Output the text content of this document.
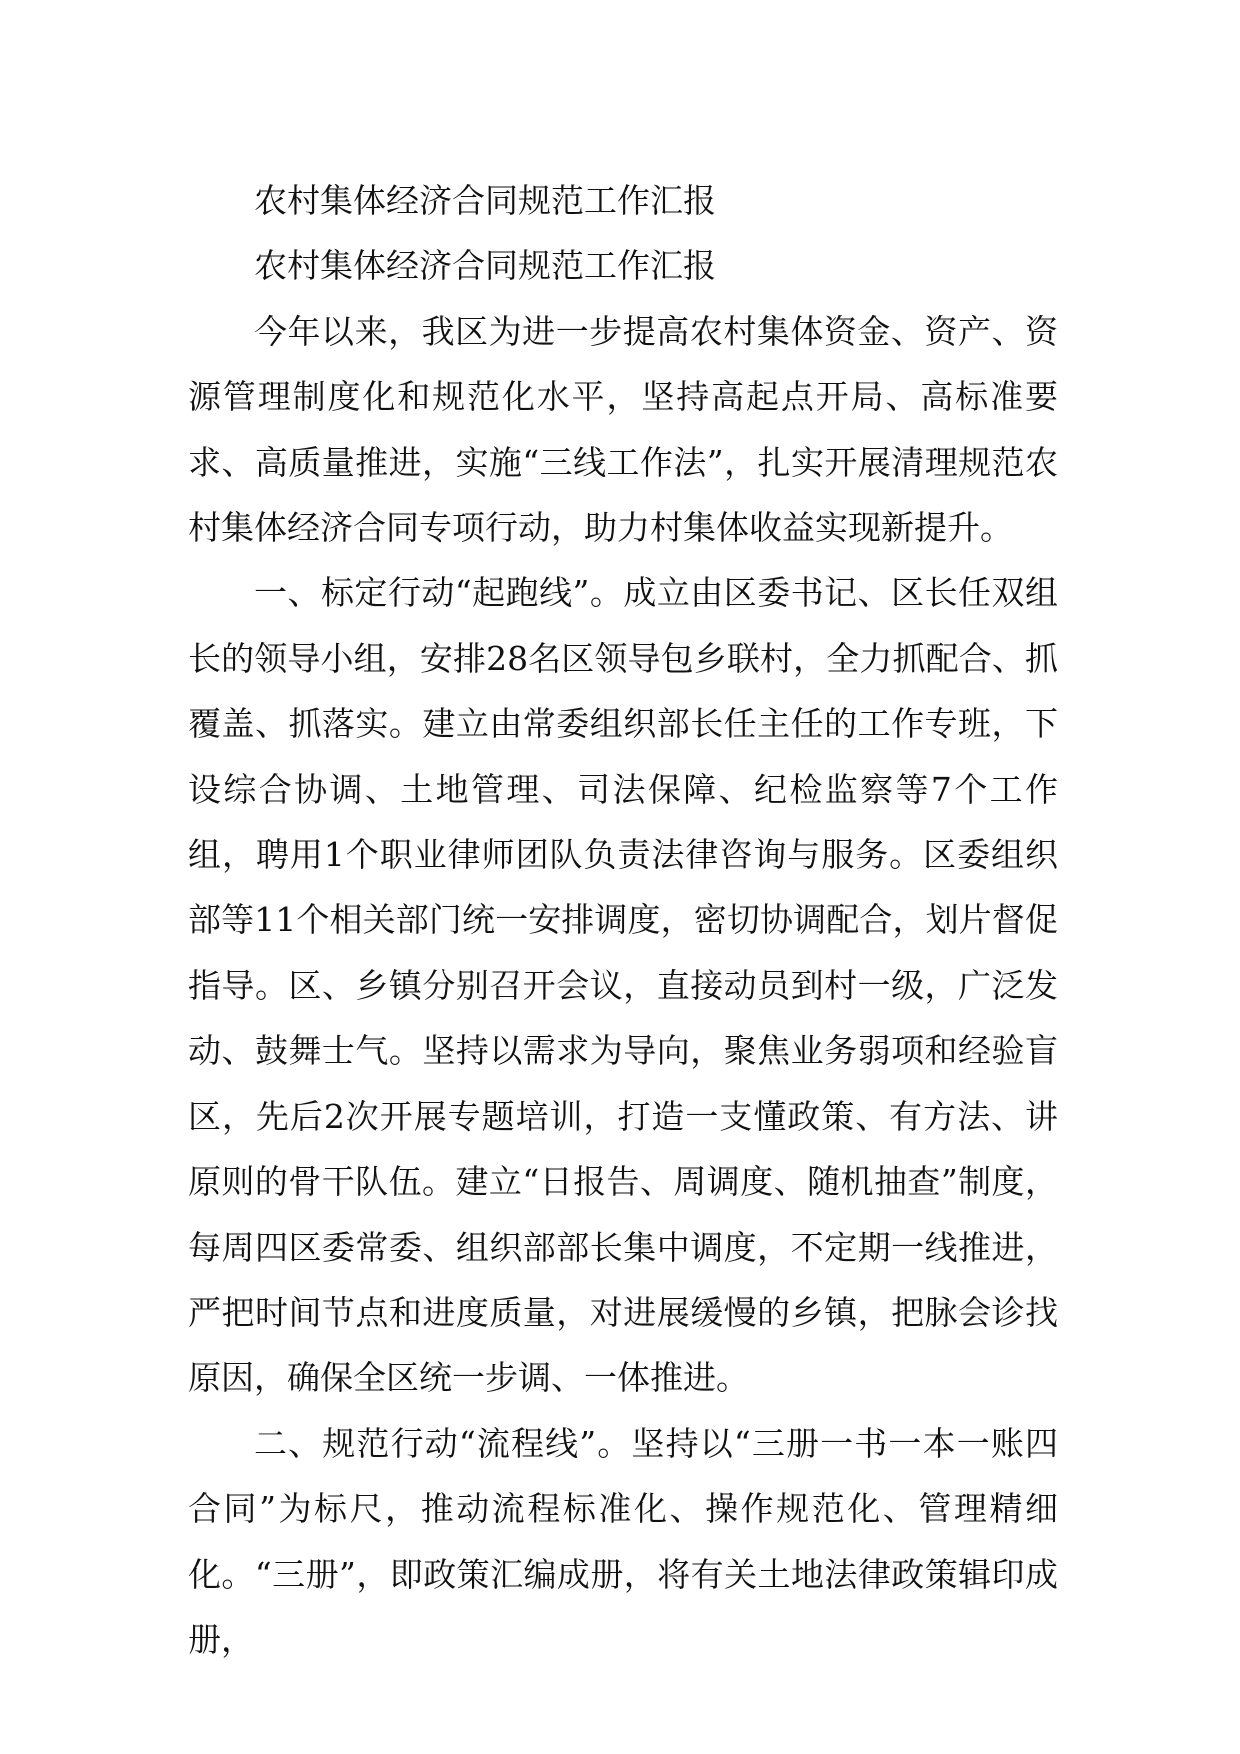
农村集体经济合同规范工作汇报

农村集体经济合同规范工作汇报

今年以来，我区为进一步提高农村集体资金、资产、资源管理制度化和规范化水平，坚持高起点开局、高标准要求、高质量推进，实施“三线工作法”，扎实开展清理规范农村集体经济合同专项行动，助力村集体收益实现新提升。

一、标定行动“起跑线”。成立由区委书记、区长任双组长的领导小组，安排28名区领导包乡联村，全力抓配合、抓覆盖、抓落实。建立由常委组织部长任主任的工作专班，下设综合协调、土地管理、司法保障、纪检监察等7个工作组，聘用1个职业律师团队负责法律咨询与服务。区委组织部等11个相关部门统一安排调度，密切协调配合，划片督促指导。区、乡镇分别召开会议，直接动员到村一级，广泛发动、鼓舞士气。坚持以需求为导向，聚焦业务弱项和经验盲区，先后2次开展专题培训，打造一支懂政策、有方法、讲原则的骨干队伍。建立“日报告、周调度、随机抽查”制度，每周四区委常委、组织部部长集中调度，不定期一线推进，严把时间节点和进度质量，对进展缓慢的乡镇，把脉会诊找原因，确保全区统一步调、一体推进。

二、规范行动“流程线”。坚持以“三册一书一本一账四合同”为标尺，推动流程标准化、操作规范化、管理精细化。“三册”，即政策汇编成册，将有关土地法律政策辑印成册，
